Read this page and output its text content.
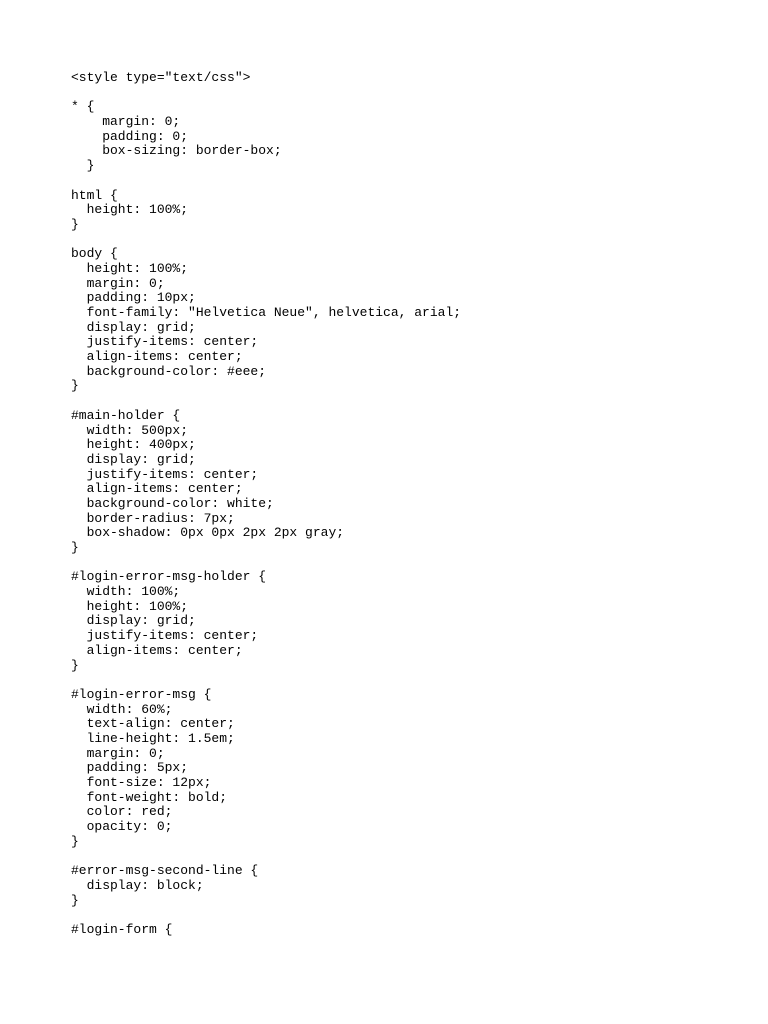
<style type="text/css">
* {
margin: 0;
padding: 0;
box-sizing: border-box;
}
html {
height: 100%;
}
body {
height: 100%;
margin: 0;
padding: 10px;
font-family: "Helvetica Neue", helvetica, arial;
display: grid;
justify-items: center;
align-items: center;
background-color: #eee;
}
#main-holder {
width: 500px;
height: 400px;
display: grid;
justify-items: center;
align-items: center;
background-color: white;
border-radius: 7px;
box-shadow: 0px 0px 2px 2px gray;
}
#login-error-msg-holder {
width: 100%;
height: 100%;
display: grid;
justify-items: center;
align-items: center;
}
#login-error-msg {
width: 60%;
text-align: center;
line-height: 1.5em;
margin: 0;
padding: 5px;
font-size: 12px;
font-weight: bold;
color: red;
opacity: 0;
}
#error-msg-second-line {
display: block;
}
#login-form {
